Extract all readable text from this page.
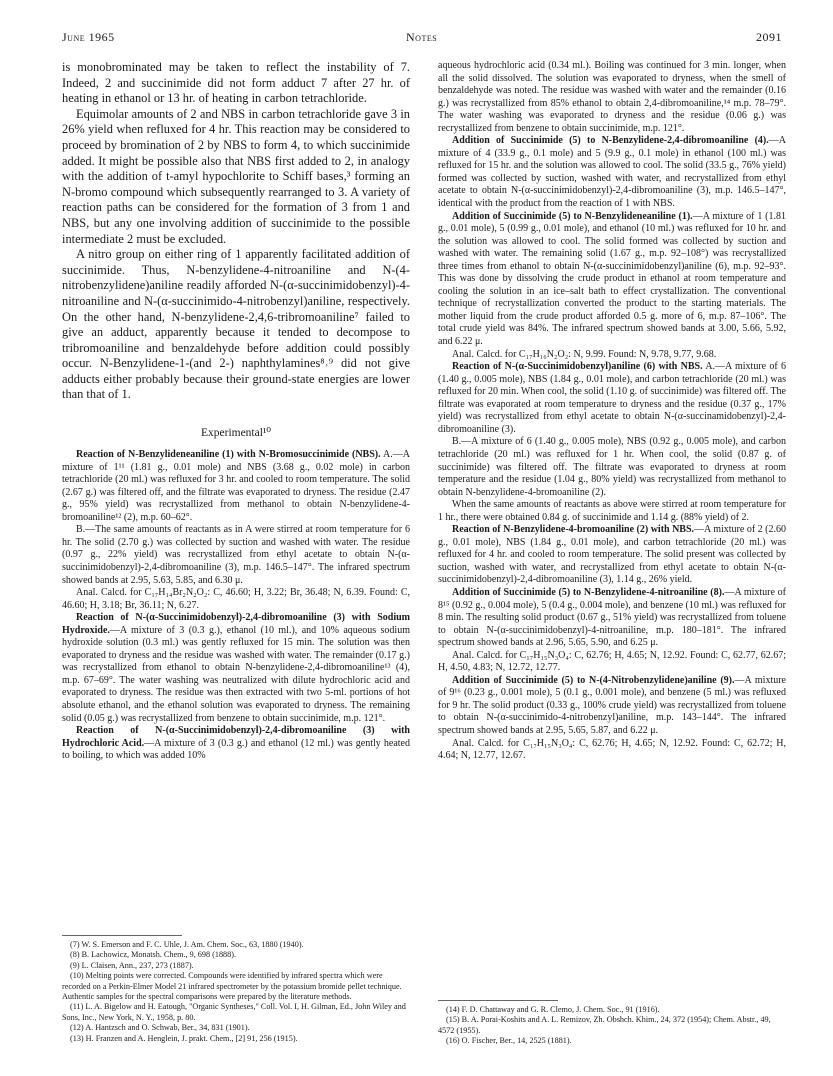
June 1965	Notes	2091

is monobrominated may be taken to reflect the instability of 7. Indeed, 2 and succinimide did not form adduct 7 after 27 hr. of heating in ethanol or 13 hr. of heating in carbon tetrachloride.

Equimolar amounts of 2 and NBS in carbon tetrachloride gave 3 in 26% yield when refluxed for 4 hr. This reaction may be considered to proceed by bromination of 2 by NBS to form 4, to which succinimide added. It might be possible also that NBS first added to 2, in analogy with the addition of t-amyl hypochlorite to Schiff bases,³ forming an N-bromo compound which subsequently rearranged to 3. A variety of reaction paths can be considered for the formation of 3 from 1 and NBS, but any one involving addition of succinimide to the possible intermediate 2 must be excluded.

A nitro group on either ring of 1 apparently facilitated addition of succinimide. Thus, N-benzylidene-4-nitroaniline and N-(4-nitrobenzylidene)aniline readily afforded N-(α-succinimidobenzyl)-4-nitroaniline and N-(α-succinimido-4-nitrobenzyl)aniline, respectively. On the other hand, N-benzylidene-2,4,6-tribromoaniline⁷ failed to give an adduct, apparently because it tended to decompose to tribromoaniline and benzaldehyde before addition could possibly occur. N-Benzylidene-1-(and 2-) naphthylamines⁸˒⁹ did not give adducts either probably because their ground-state energies are lower than that of 1.

Experimental¹⁰

Reaction of N-Benzylideneaniline (1) with N-Bromosuccinimide (NBS). A.—A mixture of 1¹¹ (1.81 g., 0.01 mole) and NBS (3.68 g., 0.02 mole) in carbon tetrachloride (20 ml.) was refluxed for 3 hr. and cooled to room temperature. The solid (2.67 g.) was filtered off, and the filtrate was evaporated to dryness. The residue (2.47 g., 95% yield) was recrystallized from methanol to obtain N-benzylidene-4-bromoaniline¹² (2), m.p. 60–62°.

B.—The same amounts of reactants as in A were stirred at room temperature for 6 hr. The solid (2.70 g.) was collected by suction and washed with water. The residue (0.97 g., 22% yield) was recrystallized from ethyl acetate to obtain N-(α-succinimidobenzyl)-2,4-dibromoaniline (3), m.p. 146.5–147°. The infrared spectrum showed bands at 2.95, 5.63, 5.85, and 6.30 μ.

Anal. Calcd. for C₁₇H₁₄Br₂N₂O₂: C, 46.60; H, 3.22; Br, 36.48; N, 6.39. Found: C, 46.60; H, 3.18; Br, 36.11; N, 6.27.

Reaction of N-(α-Succinimidobenzyl)-2,4-dibromoaniline (3) with Sodium Hydroxide.—A mixture of 3 (0.3 g.), ethanol (10 ml.), and 10% aqueous sodium hydroxide solution (0.3 ml.) was gently refluxed for 15 min. The solution was then evaporated to dryness and the residue was washed with water. The remainder (0.17 g.) was recrystallized from ethanol to obtain N-benzylidene-2,4-dibromoaniline¹³ (4), m.p. 67–69°. The water washing was neutralized with dilute hydrochloric acid and evaporated to dryness. The residue was then extracted with two 5-ml. portions of hot absolute ethanol, and the ethanol solution was evaporated to dryness. The remaining solid (0.05 g.) was recrystallized from benzene to obtain succinimide, m.p. 121°.

Reaction of N-(α-Succinimidobenzyl)-2,4-dibromoaniline (3) with Hydrochloric Acid.—A mixture of 3 (0.3 g.) and ethanol (12 ml.) was gently heated to boiling, to which was added 10%

(7) W. S. Emerson and F. C. Uhle, J. Am. Chem. Soc., 63, 1880 (1940).

(8) B. Lachowicz, Monatsh. Chem., 9, 698 (1888).

(9) L. Claisen, Ann., 237, 273 (1887).

(10) Melting points were corrected. Compounds were identified by infrared spectra which were recorded on a Perkin-Elmer Model 21 infrared spectrometer by the potassium bromide pellet technique. Authentic samples for the spectral comparisons were prepared by the literature methods.

(11) L. A. Bigelow and H. Eatough, "Organic Syntheses," Coll. Vol. I, H. Gilman, Ed., John Wiley and Sons, Inc., New York, N. Y., 1958, p. 80.

(12) A. Hantzsch and O. Schwab, Ber., 34, 831 (1901).

(13) H. Franzen and A. Henglein, J. prakt. Chem., [2] 91, 256 (1915).

aqueous hydrochloric acid (0.34 ml.). Boiling was continued for 3 min. longer, when all the solid dissolved. The solution was evaporated to dryness, when the smell of benzaldehyde was noted. The residue was washed with water and the remainder (0.16 g.) was recrystallized from 85% ethanol to obtain 2,4-dibromoaniline,¹⁴ m.p. 78–79°. The water washing was evaporated to dryness and the residue (0.06 g.) was recrystallized from benzene to obtain succinimide, m.p. 121°.

Addition of Succinimide (5) to N-Benzylidene-2,4-dibromoaniline (4).—A mixture of 4 (33.9 g., 0.1 mole) and 5 (9.9 g., 0.1 mole) in ethanol (100 ml.) was refluxed for 15 hr. and the solution was allowed to cool. The solid (33.5 g., 76% yield) formed was collected by suction, washed with water, and recrystallized from ethyl acetate to obtain N-(α-succinimidobenzyl)-2,4-dibromoaniline (3), m.p. 146.5–147°, identical with the product from the reaction of 1 with NBS.

Addition of Succinimide (5) to N-Benzylideneaniline (1).—A mixture of 1 (1.81 g., 0.01 mole), 5 (0.99 g., 0.01 mole), and ethanol (10 ml.) was refluxed for 10 hr. and the solution was allowed to cool. The solid formed was collected by suction and washed with water. The remaining solid (1.67 g., m.p. 92–108°) was recrystallized three times from ethanol to obtain N-(α-succinimidobenzyl)aniline (6), m.p. 92–93°. This was done by dissolving the crude product in ethanol at room temperature and cooling the solution in an ice–salt bath to effect crystallization. The conventional technique of recrystallization converted the product to the starting materials. The mother liquid from the crude product afforded 0.5 g. more of 6, m.p. 87–106°. The total crude yield was 84%. The infrared spectrum showed bands at 3.00, 5.66, 5.92, and 6.22 μ.

Anal. Calcd. for C₁₇H₁₆N₂O₂: N, 9.99. Found: N, 9.78, 9.77, 9.68.

Reaction of N-(α-Succinimidobenzyl)aniline (6) with NBS. A.—A mixture of 6 (1.40 g., 0.005 mole), NBS (1.84 g., 0.01 mole), and carbon tetrachloride (20 ml.) was refluxed for 20 min. When cool, the solid (1.10 g. of succinimide) was filtered off. The filtrate was evaporated at room temperature to dryness and the residue (0.37 g., 17% yield) was recrystallized from ethyl acetate to obtain N-(α-succinamidobenzyl)-2,4-dibromoaniline (3).

B.—A mixture of 6 (1.40 g., 0.005 mole), NBS (0.92 g., 0.005 mole), and carbon tetrachloride (20 ml.) was refluxed for 1 hr. When cool, the solid (0.87 g. of succinimide) was filtered off. The filtrate was evaporated to dryness at room temperature and the residue (1.04 g., 80% yield) was recrystallized from methanol to obtain N-benzylidene-4-bromoaniline (2).

When the same amounts of reactants as above were stirred at room temperature for 1 hr., there were obtained 0.84 g. of succinimide and 1.14 g. (88% yield) of 2.

Reaction of N-Benzylidene-4-bromoaniline (2) with NBS.—A mixture of 2 (2.60 g., 0.01 mole), NBS (1.84 g., 0.01 mole), and carbon tetrachloride (20 ml.) was refluxed for 4 hr. and cooled to room temperature. The solid present was collected by suction, washed with water, and recrystallized from ethyl acetate to obtain N-(α-succinimidobenzyl)-2,4-dibromoaniline (3), 1.14 g., 26% yield.

Addition of Succinimide (5) to N-Benzylidene-4-nitroaniline (8).—A mixture of 8¹⁵ (0.92 g., 0.004 mole), 5 (0.4 g., 0.004 mole), and benzene (10 ml.) was refluxed for 8 min. The resulting solid product (0.67 g., 51% yield) was recrystallized from toluene to obtain N-(α-succinimidobenzyl)-4-nitroaniline, m.p. 180–181°. The infrared spectrum showed bands at 2.96, 5.65, 5.90, and 6.25 μ.

Anal. Calcd. for C₁₇H₁₅N₃O₄: C, 62.76; H, 4.65; N, 12.92. Found: C, 62.77, 62.67; H, 4.50, 4.83; N, 12.72, 12.77.

Addition of Succinimide (5) to N-(4-Nitrobenzylidene)aniline (9).—A mixture of 9¹⁶ (0.23 g., 0.001 mole), 5 (0.1 g., 0.001 mole), and benzene (5 ml.) was refluxed for 9 hr. The solid product (0.33 g., 100% crude yield) was recrystallized from toluene to obtain N-(α-succinimido-4-nitrobenzyl)aniline, m.p. 143–144°. The infrared spectrum showed bands at 2.95, 5.65, 5.87, and 6.22 μ.

Anal. Calcd. for C₁₇H₁₅N₃O₄: C, 62.76; H, 4.65; N, 12.92. Found: C, 62.72; H, 4.64; N, 12.77, 12.67.

(14) F. D. Chattaway and G. R. Clemo, J. Chem. Soc., 91 (1916).

(15) B. A. Porai-Koshits and A. L. Remizov, Zh. Obshch. Khim., 24, 372 (1954); Chem. Abstr., 49, 4572 (1955).

(16) O. Fischer, Ber., 14, 2525 (1881).
